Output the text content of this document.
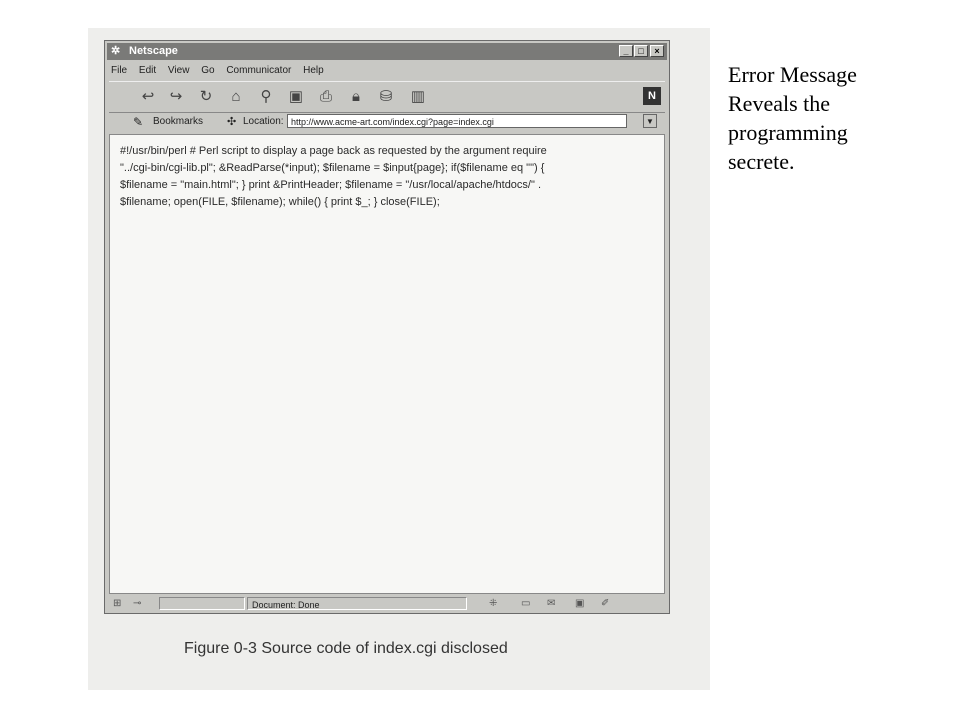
✲ Netscape	_	□	×
File Edit View Go Communicator Help
↩	↪	↻	⌂	⚲	▣	⎙	🔒︎	⛁	▥	N
✎ Bookmarks ✣ Location: http://www.acme-art.com/index.cgi?page=index.cgi	▼

#!/usr/bin/perl # Perl script to display a page back as requested by the argument require

"../cgi-bin/cgi-lib.pl"; &ReadParse(*input); $filename = $input{page}; if($filename eq "") {

$filename = "main.html"; } print &PrintHeader; $filename = "/usr/local/apache/htdocs/" .

$filename; open(FILE, $filename); while() { print $_; } close(FILE);

⊞ ⊸	Document: Done	⁜ ▭ ✉ ▣ ✐
Figure 0-3 Source code of index.cgi disclosed

Error Message

Reveals the

programming

secrete.
